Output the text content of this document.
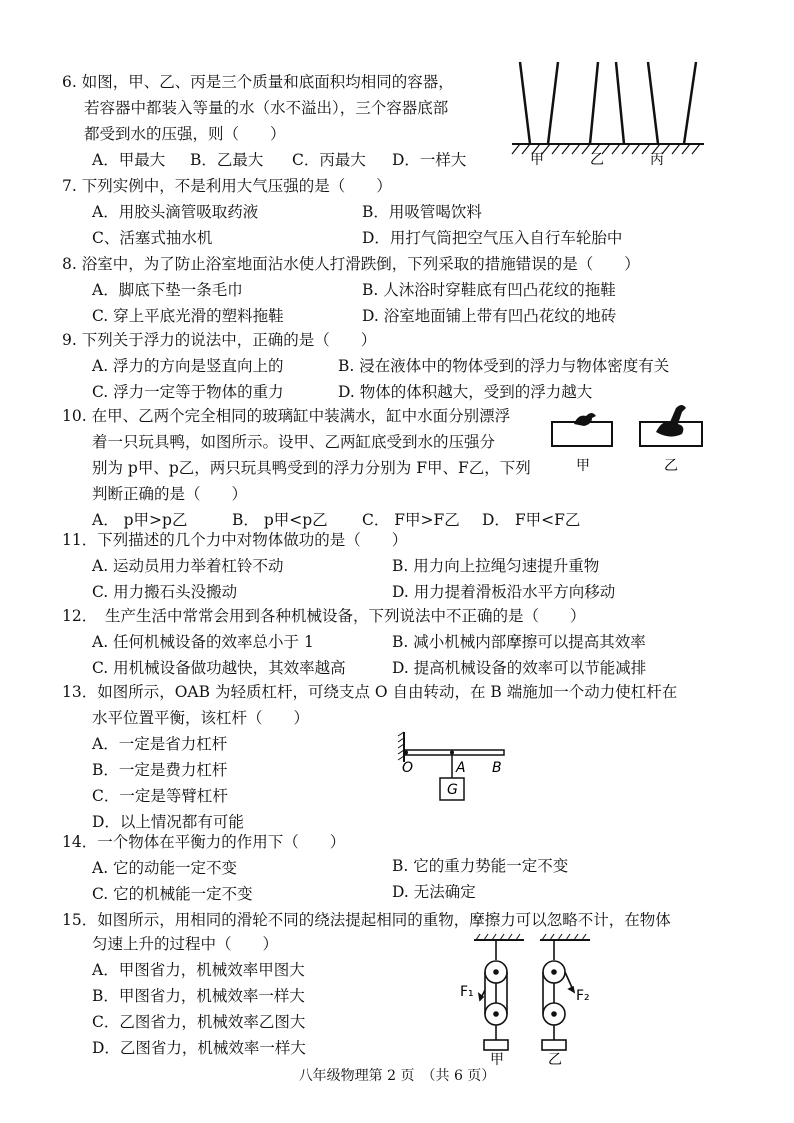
6. 如图，甲、乙、丙是三个质量和底面积均相同的容器，
若容器中都装入等量的水（水不溢出），三个容器底部
都受到水的压强，则（　　）
A．甲最大 B．乙最大 C．丙最大 D．一样大	甲	乙	丙
7. 下列实例中，不是利用大气压强的是（　　）
A．用胶头滴管吸取药液	B．用吸管喝饮料
C、活塞式抽水机	D．用打气筒把空气压入自行车轮胎中
8. 浴室中，为了防止浴室地面沾水使人打滑跌倒，下列采取的措施错误的是（　　）
A．脚底下垫一条毛巾	B. 人沐浴时穿鞋底有凹凸花纹的拖鞋
C. 穿上平底光滑的塑料拖鞋	D. 浴室地面铺上带有凹凸花纹的地砖
9. 下列关于浮力的说法中，正确的是（　　）
A. 浮力的方向是竖直向上的	B. 浸在液体中的物体受到的浮力与物体密度有关
C. 浮力一定等于物体的重力	D. 物体的体积越大，受到的浮力越大
10. 在甲、乙两个完全相同的玻璃缸中装满水，缸中水面分别漂浮
着一只玩具鸭，如图所示。设甲、乙两缸底受到水的压强分
别为 p甲、p乙，两只玩具鸭受到的浮力分别为 F甲、F乙，下列
判断正确的是（　　）
A． p甲>p乙	B． p甲<p乙 C． F甲>F乙 D． F甲<F乙
甲	乙
11．下列描述的几个力中对物体做功的是（　　）
A. 运动员用力举着杠铃不动	B. 用力向上拉绳匀速提升重物
C. 用力搬石头没搬动	D. 用力提着滑板沿水平方向移动
12．　生产生活中常常会用到各种机械设备，下列说法中不正确的是（　　）
A. 任何机械设备的效率总小于 1	B. 减小机械内部摩擦可以提高其效率
C. 用机械设备做功越快，其效率越高	D. 提高机械设备的效率可以节能减排
13．如图所示，OAB 为轻质杠杆，可绕支点 O 自由转动，在 B 端施加一个动力使杠杆在
水平位置平衡，该杠杆（　　）
A．一定是省力杠杆
B．一定是费力杠杆
C．一定是等臂杠杆
D．以上情况都有可能
O	A B
G
14．一个物体在平衡力的作用下（　　）
A. 它的动能一定不变	B. 它的重力势能一定不变
C. 它的机械能一定不变	D. 无法确定
15．如图所示，用相同的滑轮不同的绕法提起相同的重物，摩擦力可以忽略不计，在物体
匀速上升的过程中（　　）
A．甲图省力，机械效率甲图大
B．甲图省力，机械效率一样大
C．乙图省力，机械效率乙图大
D．乙图省力，机械效率一样大
F₁	F₂
甲	乙
八年级物理第 2 页　（共 6 页）
